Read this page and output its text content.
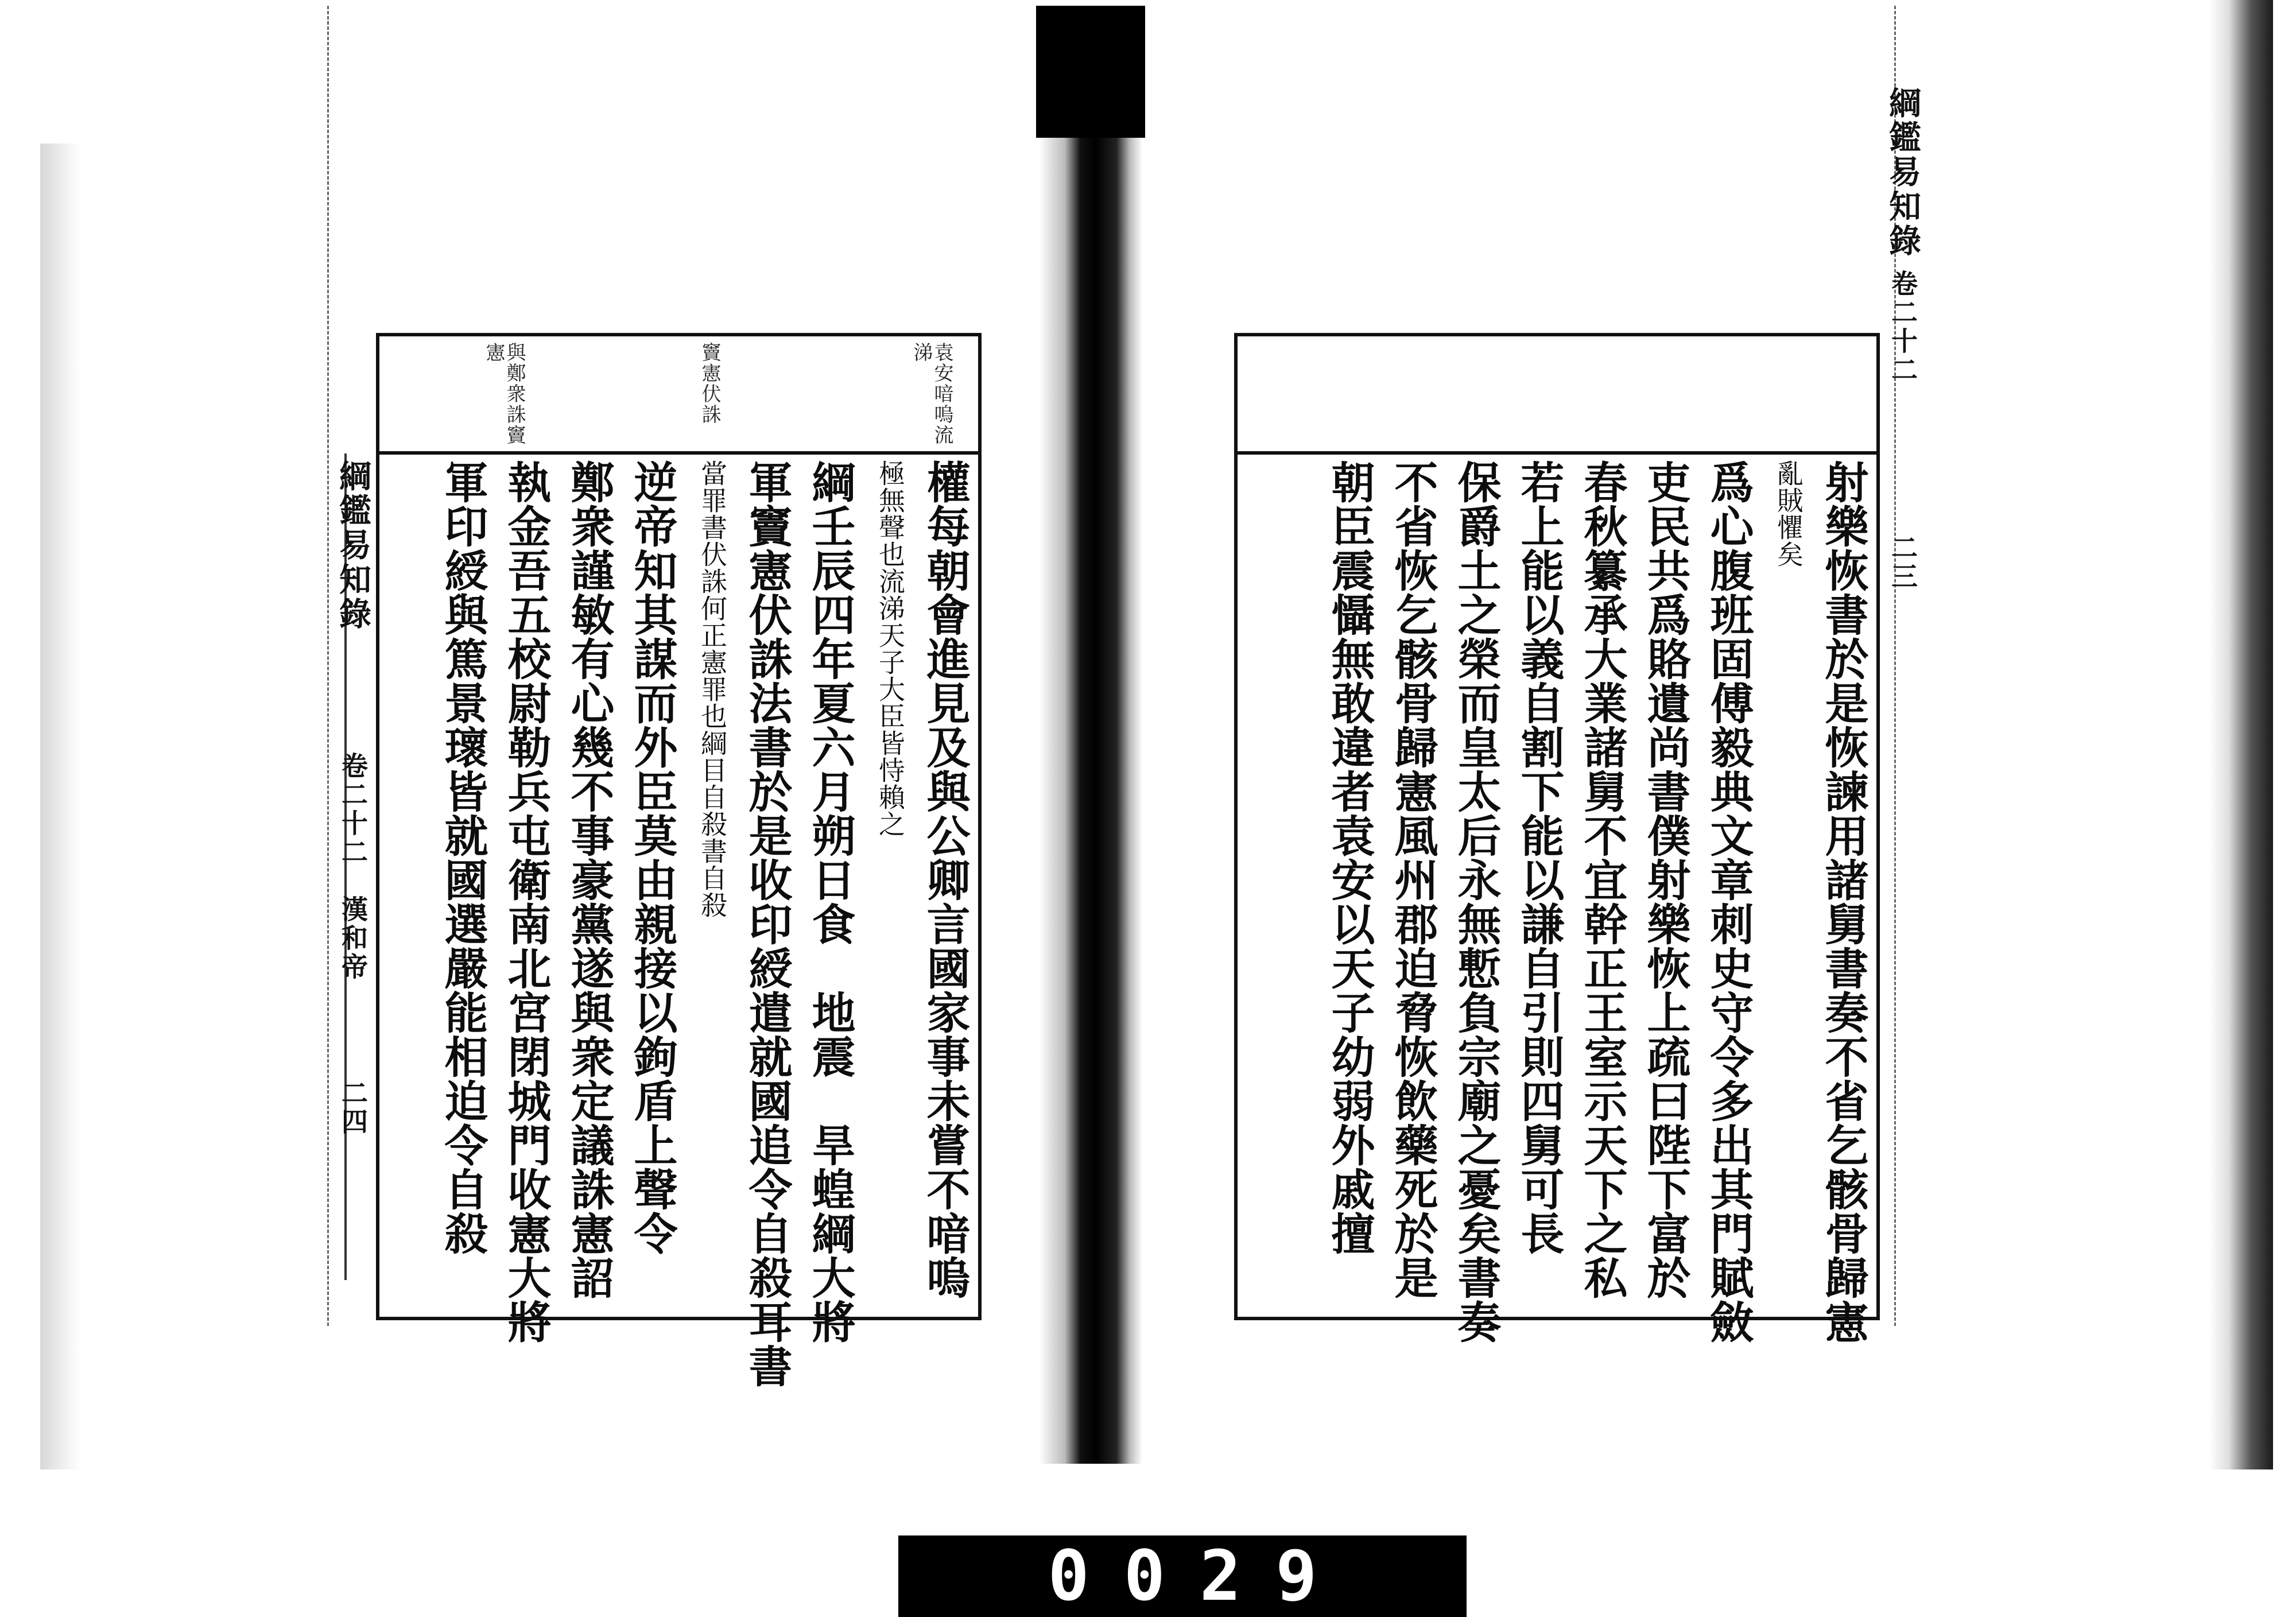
綱鑑易知錄
卷二十二
漢和帝
二四
袁安喑嗚流涕
竇憲伏誅
與鄭衆誅竇憲
權每朝會進見及與公卿言國家事未嘗不喑嗚
極無聲也流涕天子大臣皆恃賴之
綱壬辰四年夏六月朔日食　地震　旱蝗綱大將
軍竇憲伏誅法書於是收印綬遣就國追令自殺耳書
當罪書伏誅何正憲罪也綱目自殺書自殺
逆帝知其謀而外臣莫由親接以鉤盾上聲令
鄭衆謹敏有心幾不事豪黨遂與衆定議誅憲詔
執金吾五校尉勒兵屯衛南北宮閉城門收憲大將
軍印綬與篤景瓌皆就國選嚴能相迫令自殺	射樂恢書於是恢諫用諸舅書奏不省乞骸骨歸憲
亂賊懼矣
爲心腹班固傅毅典文章刺史守令多出其門賦斂
吏民共爲賂遺尚書僕射樂恢上疏曰陛下富於
春秋纂承大業諸舅不宜幹正王室示天下之私
若上能以義自割下能以謙自引則四舅可長
保爵土之榮而皇太后永無慙負宗廟之憂矣書奏
不省恢乞骸骨歸憲風州郡迫脅恢飲藥死於是
朝臣震懾無敢違者袁安以天子幼弱外戚擅
綱鑑易知錄
卷二十二
二三
0029
